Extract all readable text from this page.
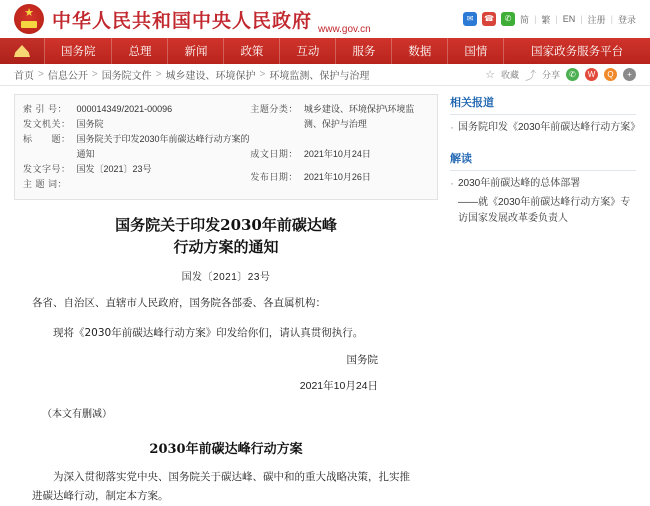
★
中华人民共和国中央人民政府 www.gov.cn
✉	☎	✆ 简 | 繁 | EN | 注册 | 登录
国务院	总理	新闻	政策	互动	服务	数据	国情	国家政务服务平台
首页 > 信息公开 > 国务院文件 > 城乡建设、环境保护 > 环境监测、保护与治理	☆ 收藏 ⤴ 分享	✆	W	Q	+
索 引 号：	000014349/2021-00096
发文机关：	国务院
标　　题：	国务院关于印发2030年前碳达峰行动方案的通知
发文字号：	国发〔2021〕23号
主 题 词：	
主题分类：	城乡建设、环境保护\环境监测、保护与治理
成文日期：	2021年10月24日
发布日期：	2021年10月26日
国务院关于印发2030年前碳达峰
行动方案的通知
国发〔2021〕23号
各省、自治区、直辖市人民政府，国务院各部委、各直属机构：
现将《2030年前碳达峰行动方案》印发给你们，请认真贯彻执行。
国务院
2021年10月24日
（本文有删减）
2030年前碳达峰行动方案
为深入贯彻落实党中央、国务院关于碳达峰、碳中和的重大战略决策，扎实推进碳达峰行动，制定本方案。
相关报道
· 国务院印发《2030年前碳达峰行动方案》
解读
· 2030年前碳达峰的总体部署
——就《2030年前碳达峰行动方案》专访国家发展改革委负责人
